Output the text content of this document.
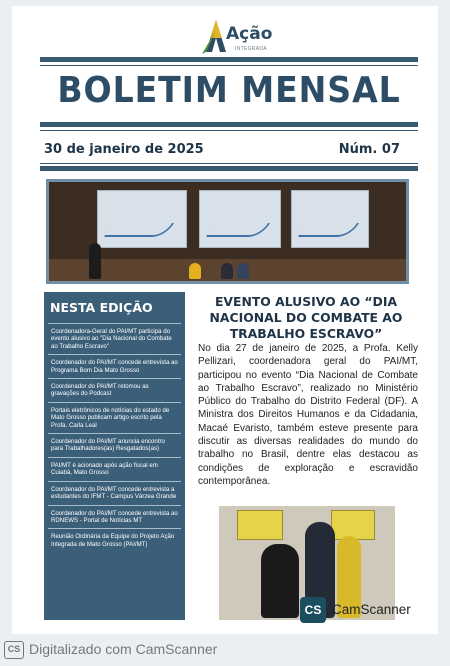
Ação
INTEGRADA
BOLETIM MENSAL
30 de janeiro de 2025	Núm. 07
NESTA EDIÇÃO
Coordenadora-Geral do PAI/MT participa do evento alusivo ao "Dia Nacional do Combate ao Trabalho Escravo"
Coordenador do PAI/MT concede entrevista ao Programa Bom Dia Mato Grosso
Coordenador do PAI/MT retomou as gravações do Podcast
Portais eletrônicos de notícias do estado de Mato Grosso publicam artigo escrito pela Profa. Carla Leal
Coordenador do PAI/MT anuncia encontro para Trabalhadores(as) Resgatados(as)
PAI/MT é acionado após ação fiscal em Cuiabá, Mato Grosso
Coordenador do PAI/MT concede entrevista a estudantes do IFMT - Campus Várzea Grande
Coordenador do PAI/MT concede entrevista ao RDNEWS - Portal de Notícias MT
Reunião Ordinária da Equipe do Projeto Ação Integrada de Mato Grosso (PAI/MT)
EVENTO ALUSIVO AO “DIA NACIONAL DO COMBATE AO TRABALHO ESCRAVO”
No dia 27 de janeiro de 2025, a Profa. Kelly Pellizari, coordenadora geral do PAI/MT, participou no evento “Dia Nacional de Combate ao Trabalho Escravo”, realizado no Ministério Público do Trabalho do Distrito Federal (DF). A Ministra dos Direitos Humanos e da Cidadania, Macaé Evaristo, também esteve presente para discutir as diversas realidades do mundo do trabalho no Brasil, dentre elas destacou as condições de exploração e escravidão contemporânea.
CS CamScanner
CS Digitalizado com CamScanner
